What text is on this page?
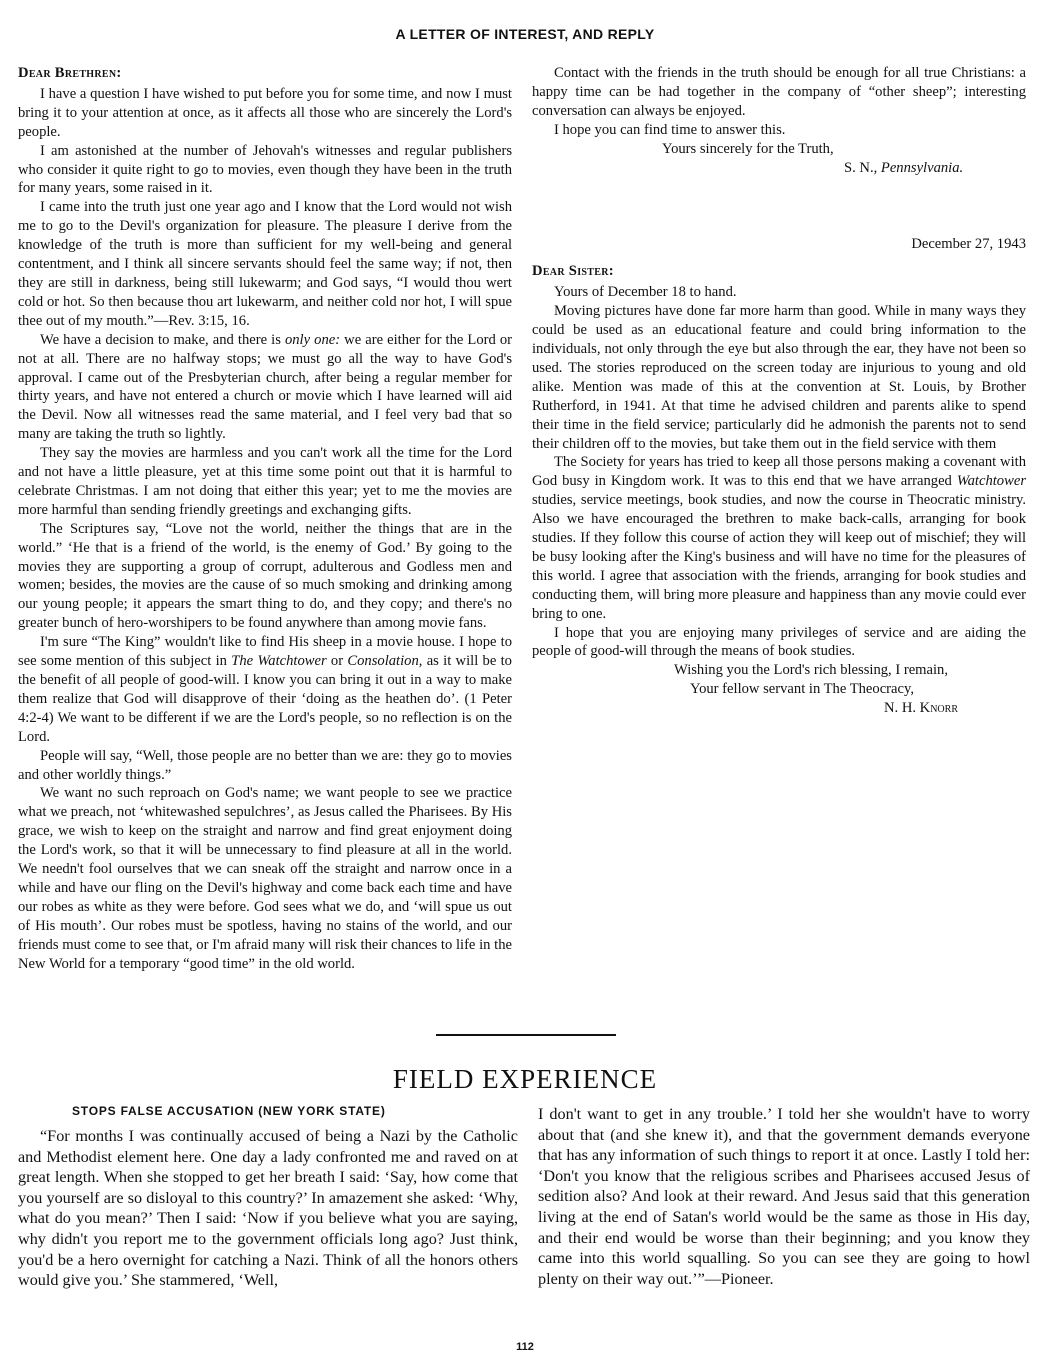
A LETTER OF INTEREST, AND REPLY
Dear Brethren:

I have a question I have wished to put before you for some time, and now I must bring it to your attention at once, as it affects all those who are sincerely the Lord's people.

I am astonished at the number of Jehovah's witnesses and regular publishers who consider it quite right to go to movies, even though they have been in the truth for many years, some raised in it.

I came into the truth just one year ago and I know that the Lord would not wish me to go to the Devil's organization for pleasure. The pleasure I derive from the knowledge of the truth is more than sufficient for my well-being and general contentment, and I think all sincere servants should feel the same way; if not, then they are still in darkness, being still lukewarm; and God says, “I would thou wert cold or hot. So then because thou art lukewarm, and neither cold nor hot, I will spue thee out of my mouth.”—Rev. 3:15, 16.

We have a decision to make, and there is only one: we are either for the Lord or not at all. There are no halfway stops; we must go all the way to have God's approval. I came out of the Presbyterian church, after being a regular member for thirty years, and have not entered a church or movie which I have learned will aid the Devil. Now all witnesses read the same material, and I feel very bad that so many are taking the truth so lightly.

They say the movies are harmless and you can't work all the time for the Lord and not have a little pleasure, yet at this time some point out that it is harmful to celebrate Christmas. I am not doing that either this year; yet to me the movies are more harmful than sending friendly greetings and exchanging gifts.

The Scriptures say, “Love not the world, neither the things that are in the world.” ‘He that is a friend of the world, is the enemy of God.’ By going to the movies they are supporting a group of corrupt, adulterous and Godless men and women; besides, the movies are the cause of so much smoking and drinking among our young people; it appears the smart thing to do, and they copy; and there's no greater bunch of hero-worshipers to be found anywhere than among movie fans.

I'm sure “The King” wouldn't like to find His sheep in a movie house. I hope to see some mention of this subject in The Watchtower or Consolation, as it will be to the benefit of all people of good-will. I know you can bring it out in a way to make them realize that God will disapprove of their ‘doing as the heathen do’. (1 Peter 4:2-4) We want to be different if we are the Lord's people, so no reflection is on the Lord.

People will say, “Well, those people are no better than we are: they go to movies and other worldly things.”

We want no such reproach on God's name; we want people to see we practice what we preach, not ‘whitewashed sepulchres’, as Jesus called the Pharisees. By His grace, we wish to keep on the straight and narrow and find great enjoyment doing the Lord's work, so that it will be unnecessary to find pleasure at all in the world. We needn't fool ourselves that we can sneak off the straight and narrow once in a while and have our fling on the Devil's highway and come back each time and have our robes as white as they were before. God sees what we do, and ‘will spue us out of His mouth’. Our robes must be spotless, having no stains of the world, and our friends must come to see that, or I'm afraid many will risk their chances to life in the New World for a temporary “good time” in the old world.

Contact with the friends in the truth should be enough for all true Christians: a happy time can be had together in the company of “other sheep”; interesting conversation can always be enjoyed.

I hope you can find time to answer this.

Yours sincerely for the Truth,

S. N., Pennsylvania.

December 27, 1943
Dear Sister:

Yours of December 18 to hand.

Moving pictures have done far more harm than good. While in many ways they could be used as an educational feature and could bring information to the individuals, not only through the eye but also through the ear, they have not been so used. The stories reproduced on the screen today are injurious to young and old alike. Mention was made of this at the convention at St. Louis, by Brother Rutherford, in 1941. At that time he advised children and parents alike to spend their time in the field service; particularly did he admonish the parents not to send their children off to the movies, but take them out in the field service with them

The Society for years has tried to keep all those persons making a covenant with God busy in Kingdom work. It was to this end that we have arranged Watchtower studies, service meetings, book studies, and now the course in Theocratic ministry. Also we have encouraged the brethren to make back-calls, arranging for book studies. If they follow this course of action they will keep out of mischief; they will be busy looking after the King's business and will have no time for the pleasures of this world. I agree that association with the friends, arranging for book studies and conducting them, will bring more pleasure and happiness than any movie could ever bring to one.

I hope that you are enjoying many privileges of service and are aiding the people of good-will through the means of book studies.

Wishing you the Lord's rich blessing, I remain,

Your fellow servant in The Theocracy,

N. H. Knorr

FIELD EXPERIENCE
STOPS FALSE ACCUSATION (NEW YORK STATE)

“For months I was continually accused of being a Nazi by the Catholic and Methodist element here. One day a lady confronted me and raved on at great length. When she stopped to get her breath I said: ‘Say, how come that you yourself are so disloyal to this country?’ In amazement she asked: ‘Why, what do you mean?’ Then I said: ‘Now if you believe what you are saying, why didn't you report me to the government officials long ago? Just think, you'd be a hero overnight for catching a Nazi. Think of all the honors others would give you.’ She stammered, ‘Well,

I don't want to get in any trouble.’ I told her she wouldn't have to worry about that (and she knew it), and that the government demands everyone that has any information of such things to report it at once. Lastly I told her: ‘Don't you know that the religious scribes and Pharisees accused Jesus of sedition also? And look at their reward. And Jesus said that this generation living at the end of Satan's world would be the same as those in His day, and their end would be worse than their beginning; and you know they came into this world squalling. So you can see they are going to howl plenty on their way out.’”—Pioneer.

112
